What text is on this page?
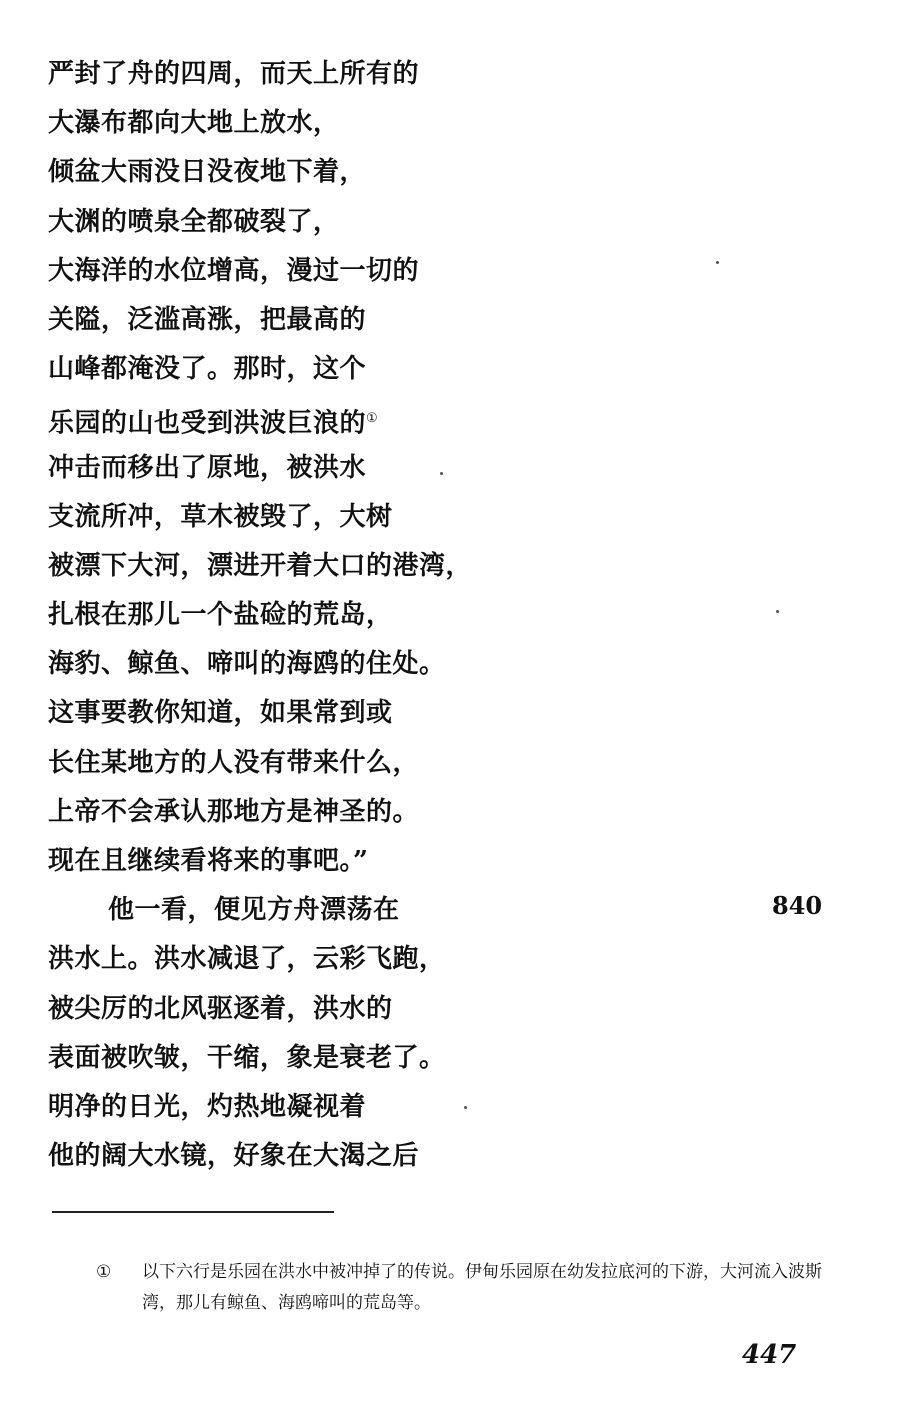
严封了舟的四周，而天上所有的
大瀑布都向大地上放水，
倾盆大雨没日没夜地下着，
大渊的喷泉全都破裂了，
大海洋的水位增高，漫过一切的
关隘，泛滥高涨，把最高的
山峰都淹没了。那时，这个
乐园的山也受到洪波巨浪的①
冲击而移出了原地，被洪水
支流所冲，草木被毁了，大树
被漂下大河，漂进开着大口的港湾，
扎根在那儿一个盐硷的荒岛，
海豹、鲸鱼、啼叫的海鸥的住处。
这事要教你知道，如果常到或
长住某地方的人没有带来什么，
上帝不会承认那地方是神圣的。
现在且继续看将来的事吧。”
他一看，便见方舟漂荡在
洪水上。洪水减退了，云彩飞跑，
被尖厉的北风驱逐着，洪水的
表面被吹皱，干缩，象是衰老了。
明净的日光，灼热地凝视着
他的阔大水镜，好象在大渴之后
840
① 以下六行是乐园在洪水中被冲掉了的传说。伊甸乐园原在幼发拉底河的下游，大河流入波斯湾，那儿有鲸鱼、海鸥啼叫的荒岛等。
447
